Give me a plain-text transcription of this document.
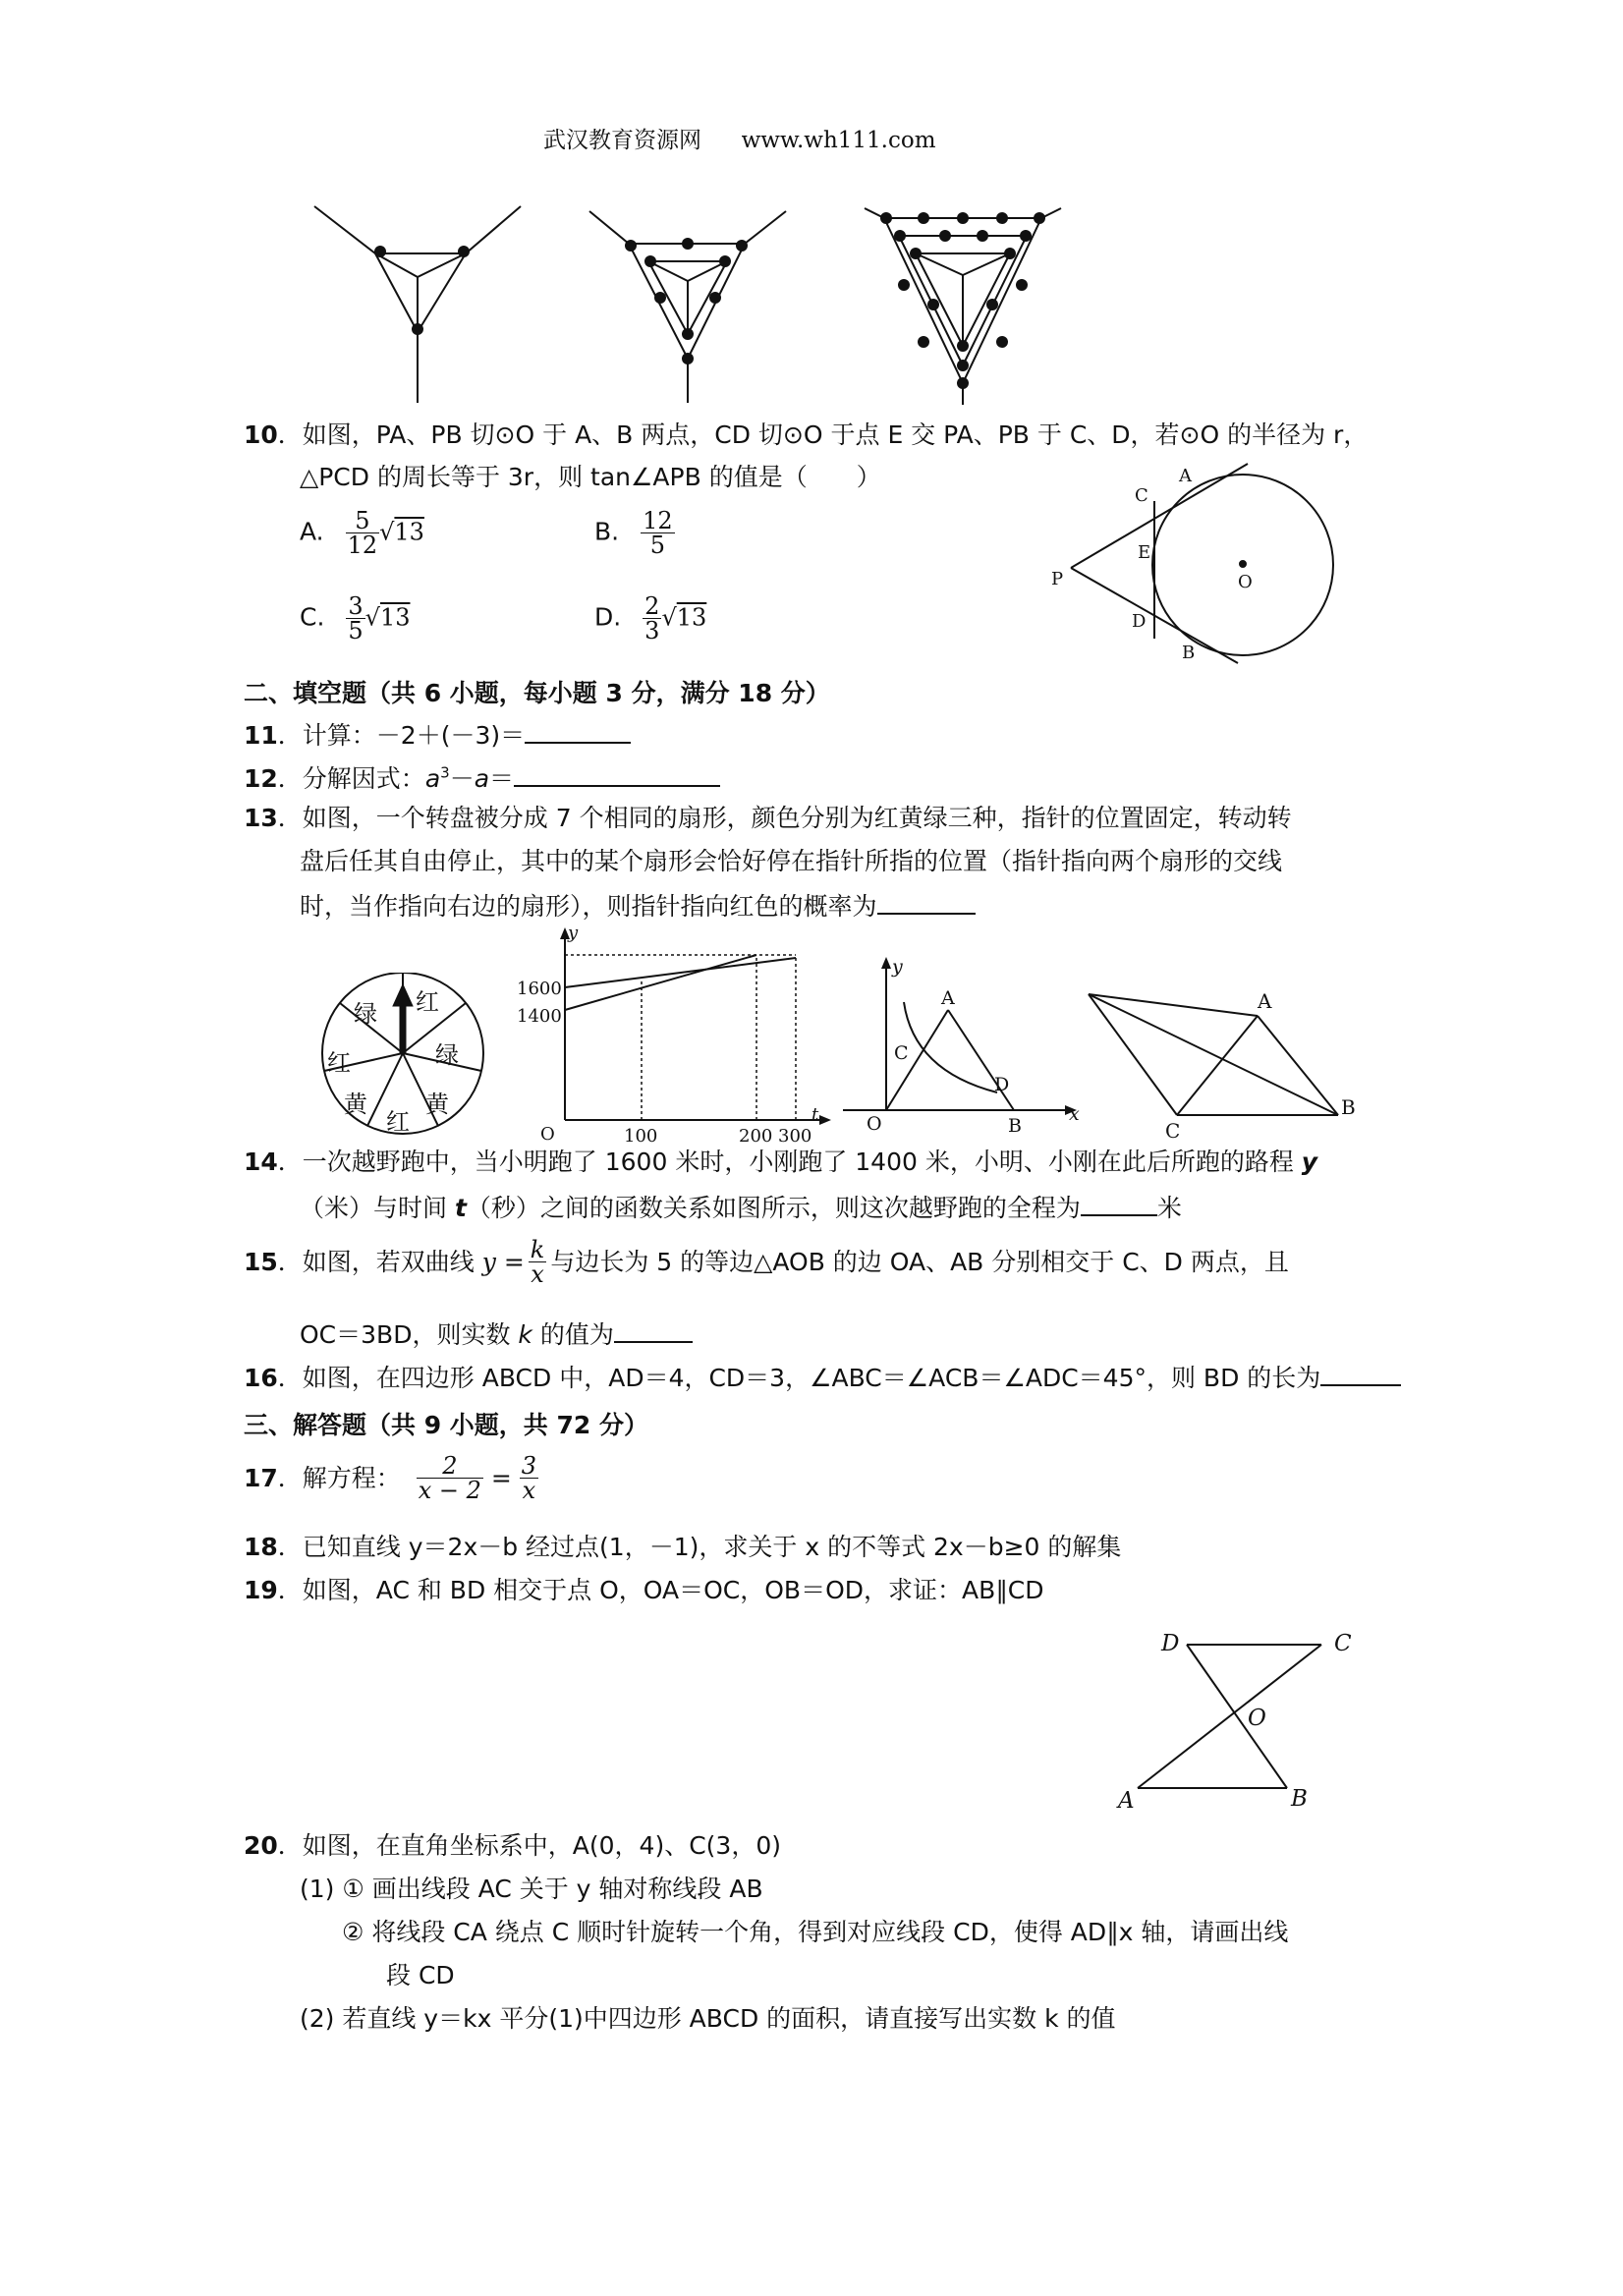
武汉教育资源网 www.wh111.com
10．如图，PA、PB 切⊙O 于 A、B 两点，CD 切⊙O 于点 E 交 PA、PB 于 C、D，若⊙O 的半径为 r，
△PCD 的周长等于 3r，则 tan∠APB 的值是（　　）
A. $\frac{5}{12} √13$	B. $\frac{12}{5}$
C. $\frac{3}{5} √13$	D. $\frac{2}{3} √13$
P
C
A
E
D
B
O
二、填空题（共 6 小题，每小题 3 分，满分 18 分）
11．计算：－2＋(－3)＝
12．分解因式：$a^3-a=$
13．如图，一个转盘被分成 7 个相同的扇形，颜色分别为红黄绿三种，指针的位置固定，转动转
盘后任其自由停止，其中的某个扇形会恰好停在指针所指的位置（指针指向两个扇形的交线
时，当作指向右边的扇形），则指针指向红色的概率为
红
绿
黄
红
黄
红
绿
y
1600
1400
O	100	200 300
t
y
A
C
D
O	B
x
A
C
B
14．一次越野跑中，当小明跑了 1600 米时，小刚跑了 1400 米，小明、小刚在此后所跑的路程 y
（米）与时间 t（秒）之间的函数关系如图所示，则这次越野跑的全程为	米
15．如图，若双曲线 $y = \frac{k}{x}$ 与边长为 5 的等边△AOB 的边 OA、AB 分别相交于 C、D 两点，且
OC＝3BD，则实数 k 的值为
16．如图，在四边形 ABCD 中，AD＝4，CD＝3，∠ABC＝∠ACB＝∠ADC＝45°，则 BD 的长为
三、解答题（共 9 小题，共 72 分）
17．解方程： $\frac{2}{x - 2} = \frac{3}{x}$
18．已知直线 y＝2x－b 经过点(1，－1)，求关于 x 的不等式 2x－b≥0 的解集
19．如图，AC 和 BD 相交于点 O，OA＝OC，OB＝OD，求证：AB∥CD
D	C
O
A	B
20．如图，在直角坐标系中，A(0，4)、C(3，0)
(1) ① 画出线段 AC 关于 y 轴对称线段 AB
② 将线段 CA 绕点 C 顺时针旋转一个角，得到对应线段 CD，使得 AD∥x 轴，请画出线
段 CD
(2) 若直线 y＝kx 平分(1)中四边形 ABCD 的面积，请直接写出实数 k 的值
